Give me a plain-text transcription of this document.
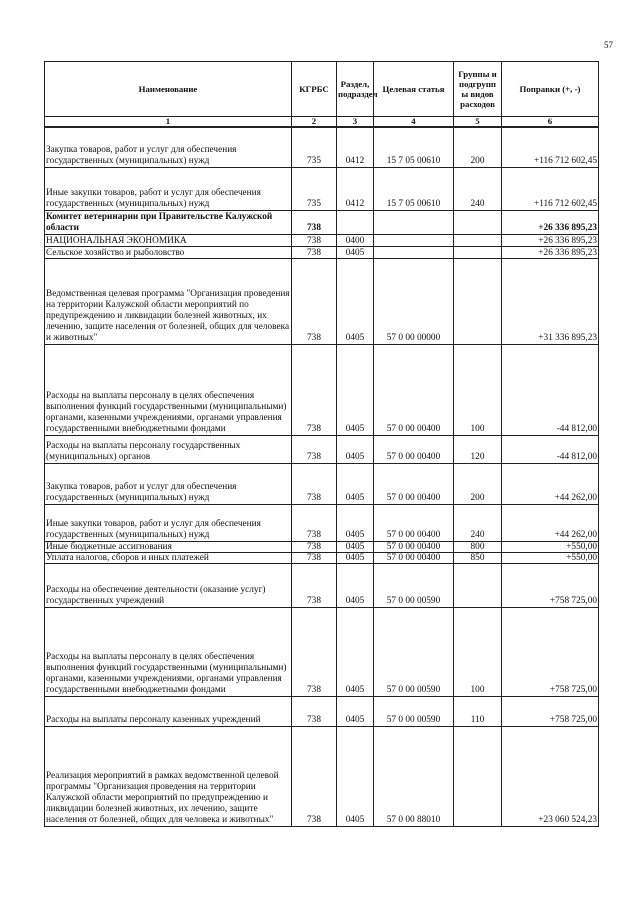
57
Наименование	КГРБС	Раздел, подраздел	Целевая статья	Группы и подгрупп ы видов расходов	Поправки (+, -)
1	2	3	4	5	6
Закупка товаров, работ и услуг для обеспечения государственных (муниципальных) нужд	735	0412	15 7 05 00610	200	+116 712 602,45
Иные закупки товаров, работ и услуг для обеспечения государственных (муниципальных) нужд	735	0412	15 7 05 00610	240	+116 712 602,45
Комитет ветеринарии при Правительстве Калужской области	738				+26 336 895,23
НАЦИОНАЛЬНАЯ ЭКОНОМИКА	738	0400			+26 336 895,23
Сельское хозяйство и рыболовство	738	0405			+26 336 895,23
Ведомственная целевая программа "Организация проведения на территории Калужской области мероприятий по предупреждению и ликвидации болезней животных, их лечению, защите населения от болезней, общих для человека и животных"	738	0405	57 0 00 00000		+31 336 895,23
Расходы на выплаты персоналу в целях обеспечения выполнения функций государственными (муниципальными) органами, казенными учреждениями, органами управления государственными внебюджетными фондами	738	0405	57 0 00 00400	100	-44 812,00
Расходы на выплаты персоналу государственных (муниципальных) органов	738	0405	57 0 00 00400	120	-44 812,00
Закупка товаров, работ и услуг для обеспечения государственных (муниципальных) нужд	738	0405	57 0 00 00400	200	+44 262,00
Иные закупки товаров, работ и услуг для обеспечения государственных (муниципальных) нужд	738	0405	57 0 00 00400	240	+44 262,00
Иные бюджетные ассигнования	738	0405	57 0 00 00400	800	+550,00
Уплата налогов, сборов и иных платежей	738	0405	57 0 00 00400	850	+550,00
Расходы на обеспечение деятельности (оказание услуг) государственных учреждений	738	0405	57 0 00 00590		+758 725,00
Расходы на выплаты персоналу в целях обеспечения выполнения функций государственными (муниципальными) органами, казенными учреждениями, органами управления государственными внебюджетными фондами	738	0405	57 0 00 00590	100	+758 725,00
Расходы на выплаты персоналу казенных учреждений	738	0405	57 0 00 00590	110	+758 725,00
Реализация мероприятий в рамках ведомственной целевой программы "Организация проведения на территории Калужской области мероприятий по предупреждению и ликвидации болезней животных, их лечению, защите населения от болезней, общих для человека и животных"	738	0405	57 0 00 88010		+23 060 524,23
